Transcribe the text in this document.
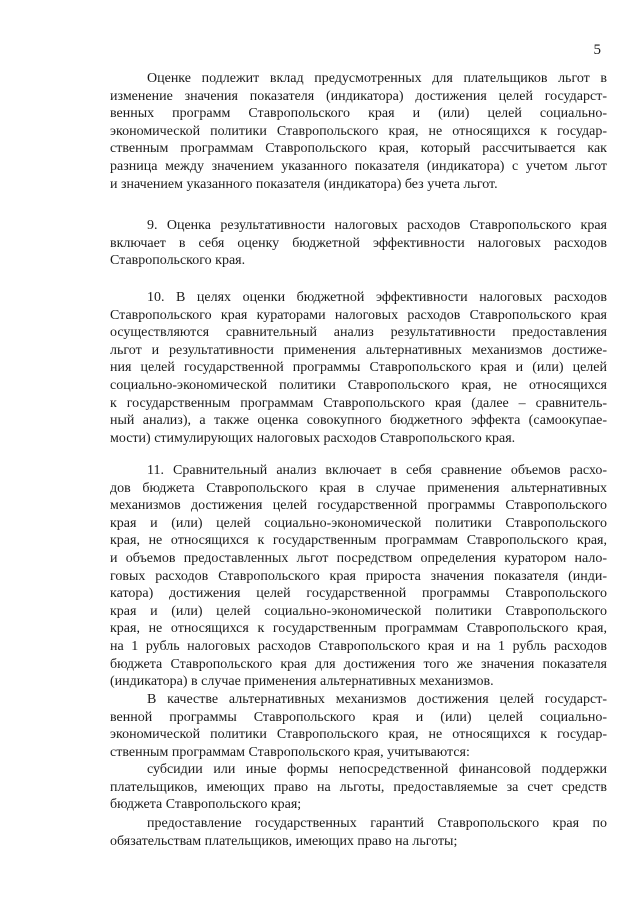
5
Оценке подлежит вклад предусмотренных для плательщиков льгот в
изменение значения показателя (индикатора) достижения целей государст-
венных программ Ставропольского края и (или) целей социально-
экономической политики Ставропольского края, не относящихся к государ-
ственным программам Ставропольского края, который рассчитывается как
разница между значением указанного показателя (индикатора) с учетом льгот
и значением указанного показателя (индикатора) без учета льгот.
9. Оценка результативности налоговых расходов Ставропольского края
включает в себя оценку бюджетной эффективности налоговых расходов
Ставропольского края.
10. В целях оценки бюджетной эффективности налоговых расходов
Ставропольского края кураторами налоговых расходов Ставропольского края
осуществляются сравнительный анализ результативности предоставления
льгот и результативности применения альтернативных механизмов достиже-
ния целей государственной программы Ставропольского края и (или) целей
социально-экономической политики Ставропольского края, не относящихся
к государственным программам Ставропольского края (далее – сравнитель-
ный анализ), а также оценка совокупного бюджетного эффекта (самоокупае-
мости) стимулирующих налоговых расходов Ставропольского края.
11. Сравнительный анализ включает в себя сравнение объемов расхо-
дов бюджета Ставропольского края в случае применения альтернативных
механизмов достижения целей государственной программы Ставропольского
края и (или) целей социально-экономической политики Ставропольского
края, не относящихся к государственным программам Ставропольского края,
и объемов предоставленных льгот посредством определения куратором нало-
говых расходов Ставропольского края прироста значения показателя (инди-
катора) достижения целей государственной программы Ставропольского
края и (или) целей социально-экономической политики Ставропольского
края, не относящихся к государственным программам Ставропольского края,
на 1 рубль налоговых расходов Ставропольского края и на 1 рубль расходов
бюджета Ставропольского края для достижения того же значения показателя
(индикатора) в случае применения альтернативных механизмов.
В качестве альтернативных механизмов достижения целей государст-
венной программы Ставропольского края и (или) целей социально-
экономической политики Ставропольского края, не относящихся к государ-
ственным программам Ставропольского края, учитываются:
субсидии или иные формы непосредственной финансовой поддержки
плательщиков, имеющих право на льготы, предоставляемые за счет средств
бюджета Ставропольского края;
предоставление государственных гарантий Ставропольского края по
обязательствам плательщиков, имеющих право на льготы;
